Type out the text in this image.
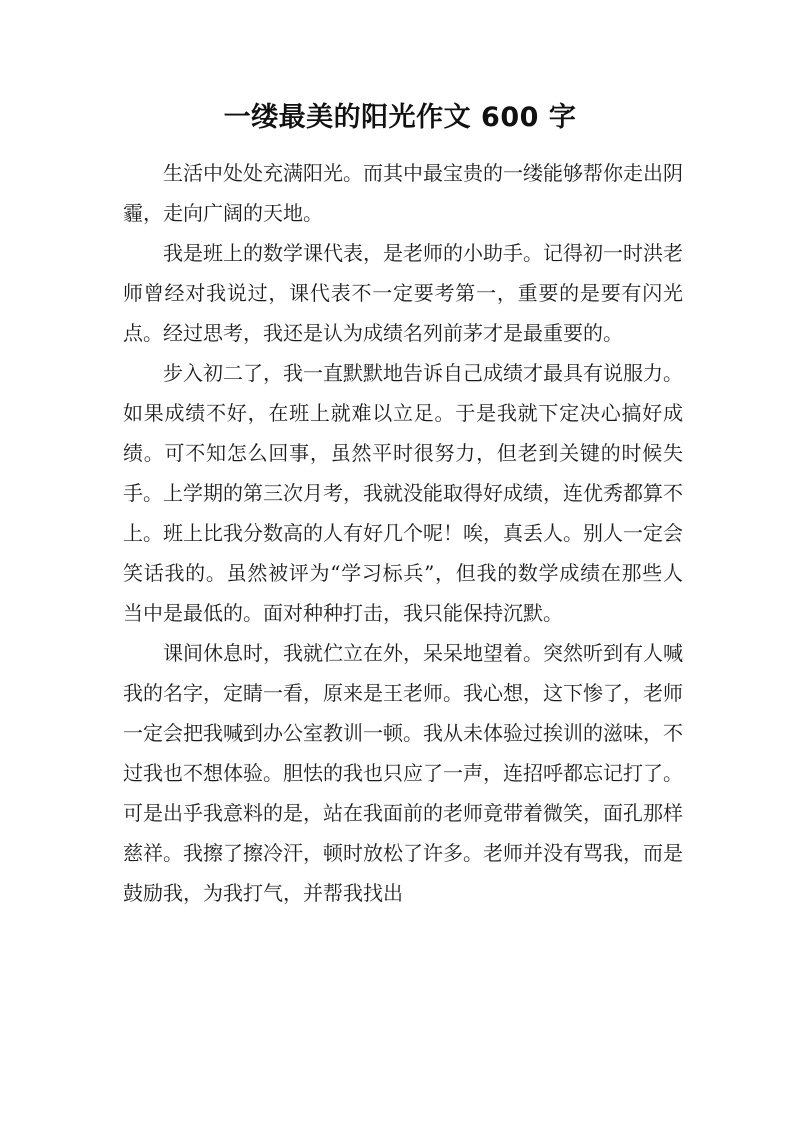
一缕最美的阳光作文 600 字

生活中处处充满阳光。而其中最宝贵的一缕能够帮你走出阴霾，走向广阔的天地。

我是班上的数学课代表，是老师的小助手。记得初一时洪老师曾经对我说过，课代表不一定要考第一，重要的是要有闪光点。经过思考，我还是认为成绩名列前茅才是最重要的。

步入初二了，我一直默默地告诉自己成绩才最具有说服力。如果成绩不好，在班上就难以立足。于是我就下定决心搞好成绩。可不知怎么回事，虽然平时很努力，但老到关键的时候失手。上学期的第三次月考，我就没能取得好成绩，连优秀都算不上。班上比我分数高的人有好几个呢！唉，真丢人。别人一定会笑话我的。虽然被评为“学习标兵”，但我的数学成绩在那些人当中是最低的。面对种种打击，我只能保持沉默。

课间休息时，我就伫立在外，呆呆地望着。突然听到有人喊我的名字，定睛一看，原来是王老师。我心想，这下惨了，老师一定会把我喊到办公室教训一顿。我从未体验过挨训的滋味，不过我也不想体验。胆怯的我也只应了一声，连招呼都忘记打了。可是出乎我意料的是，站在我面前的老师竟带着微笑，面孔那样慈祥。我擦了擦冷汗，顿时放松了许多。老师并没有骂我，而是鼓励我，为我打气，并帮我找出
